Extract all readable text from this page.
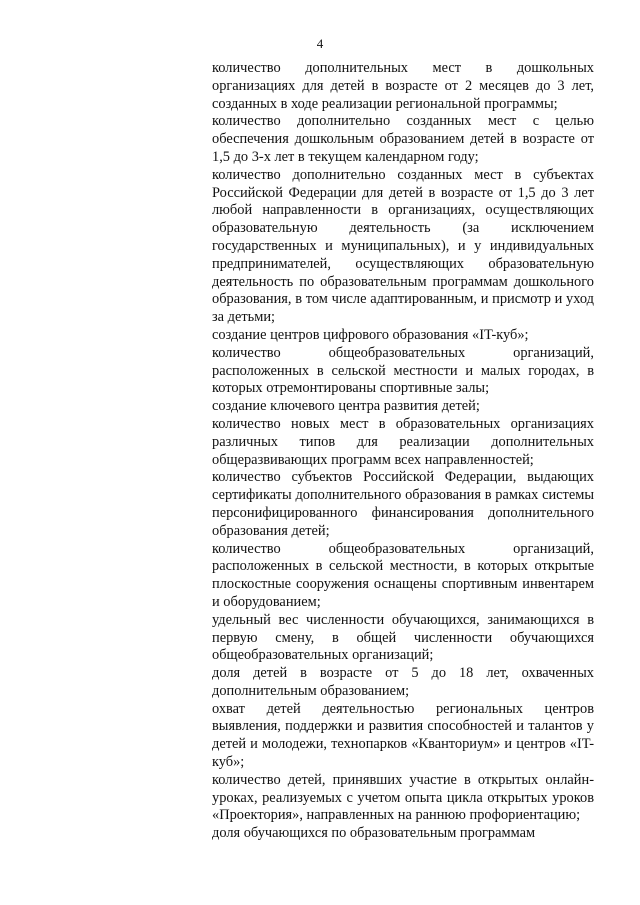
4

количество дополнительных мест в дошкольных организациях для детей в возрасте от 2 месяцев до 3 лет, созданных в ходе реализации региональной программы;

количество дополнительно созданных мест с целью обеспечения дошкольным образованием детей в возрасте от 1,5 до 3-х лет в текущем календарном году;

количество дополнительно созданных мест в субъектах Российской Федерации для детей в возрасте от 1,5 до 3 лет любой направленности в организациях, осуществляющих образовательную деятельность (за исключением государственных и муниципальных), и у индивидуальных предпринимателей, осуществляющих образовательную деятельность по образовательным программам дошкольного образования, в том числе адаптированным, и присмотр и уход за детьми;

создание центров цифрового образования «IT-куб»;

количество общеобразовательных организаций, расположенных в сельской местности и малых городах, в которых отремонтированы спортивные залы;

создание ключевого центра развития детей;

количество новых мест в образовательных организациях различных типов для реализации дополнительных общеразвивающих программ всех направленностей;

количество субъектов Российской Федерации, выдающих сертификаты дополнительного образования в рамках системы персонифицированного финансирования дополнительного образования детей;

количество общеобразовательных организаций, расположенных в сельской местности, в которых открытые плоскостные сооружения оснащены спортивным инвентарем и оборудованием;

удельный вес численности обучающихся, занимающихся в первую смену, в общей численности обучающихся общеобразовательных организаций;

доля детей в возрасте от 5 до 18 лет, охваченных дополнительным образованием;

охват детей деятельностью региональных центров выявления, поддержки и развития способностей и талантов у детей и молодежи, технопарков «Кванториум» и центров «IT-куб»;

количество детей, принявших участие в открытых онлайн-уроках, реализуемых с учетом опыта цикла открытых уроков «Проектория», направленных на раннюю профориентацию;

доля обучающихся по образовательным программам
